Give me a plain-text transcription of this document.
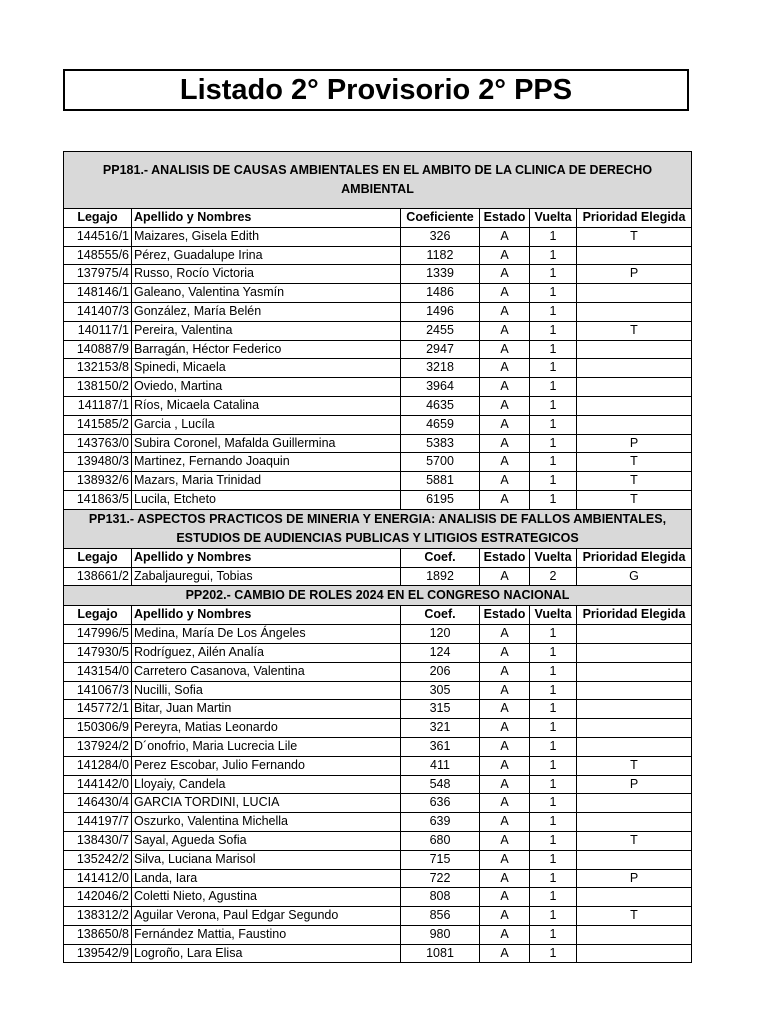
Listado 2° Provisorio 2° PPS
PP181.- ANALISIS DE CAUSAS AMBIENTALES EN EL AMBITO DE LA CLINICA DE DERECHO AMBIENTAL					
Legajo	Apellido y Nombres	Coeficiente	Estado	Vuelta	Prioridad Elegida
144516/1	Maizares, Gisela Edith	326	A	1	T
148555/6	Pérez, Guadalupe Irina	1182	A	1	
137975/4	Russo, Rocío Victoria	1339	A	1	P
148146/1	Galeano, Valentina Yasmín	1486	A	1	
141407/3	González, María Belén	1496	A	1	
140117/1	Pereira, Valentina	2455	A	1	T
140887/9	Barragán, Héctor Federico	2947	A	1	
132153/8	Spinedi, Micaela	3218	A	1	
138150/2	Oviedo, Martina	3964	A	1	
141187/1	Ríos, Micaela Catalina	4635	A	1	
141585/2	Garcia , Lucíla	4659	A	1	
143763/0	Subira Coronel, Mafalda Guillermina	5383	A	1	P
139480/3	Martinez, Fernando Joaquin	5700	A	1	T
138932/6	Mazars, Maria Trinidad	5881	A	1	T
141863/5	Lucila, Etcheto	6195	A	1	T
PP131.- ASPECTOS PRACTICOS DE MINERIA Y ENERGIA: ANALISIS DE FALLOS AMBIENTALES, ESTUDIOS DE AUDIENCIAS PUBLICAS Y LITIGIOS ESTRATEGICOS					
Legajo	Apellido y Nombres	Coef.	Estado	Vuelta	Prioridad Elegida
138661/2	Zabaljauregui, Tobias	1892	A	2	G
PP202.- CAMBIO DE ROLES 2024 EN EL CONGRESO NACIONAL					
Legajo	Apellido y Nombres	Coef.	Estado	Vuelta	Prioridad Elegida
147996/5	Medina, María De Los Ángeles	120	A	1	
147930/5	Rodríguez, Ailén Analía	124	A	1	
143154/0	Carretero Casanova, Valentina	206	A	1	
141067/3	Nucilli, Sofia	305	A	1	
145772/1	Bitar, Juan Martin	315	A	1	
150306/9	Pereyra, Matias Leonardo	321	A	1	
137924/2	D´onofrio, Maria Lucrecia Lile	361	A	1	
141284/0	Perez Escobar, Julio Fernando	411	A	1	T
144142/0	Lloyaiy, Candela	548	A	1	P
146430/4	GARCIA TORDINI, LUCIA	636	A	1	
144197/7	Oszurko, Valentina Michella	639	A	1	
138430/7	Sayal, Agueda Sofia	680	A	1	T
135242/2	Silva, Luciana Marisol	715	A	1	
141412/0	Landa, Iara	722	A	1	P
142046/2	Coletti Nieto, Agustina	808	A	1	
138312/2	Aguilar Verona, Paul Edgar Segundo	856	A	1	T
138650/8	Fernández Mattia, Faustino	980	A	1	
139542/9	Logroño, Lara Elisa	1081	A	1	
